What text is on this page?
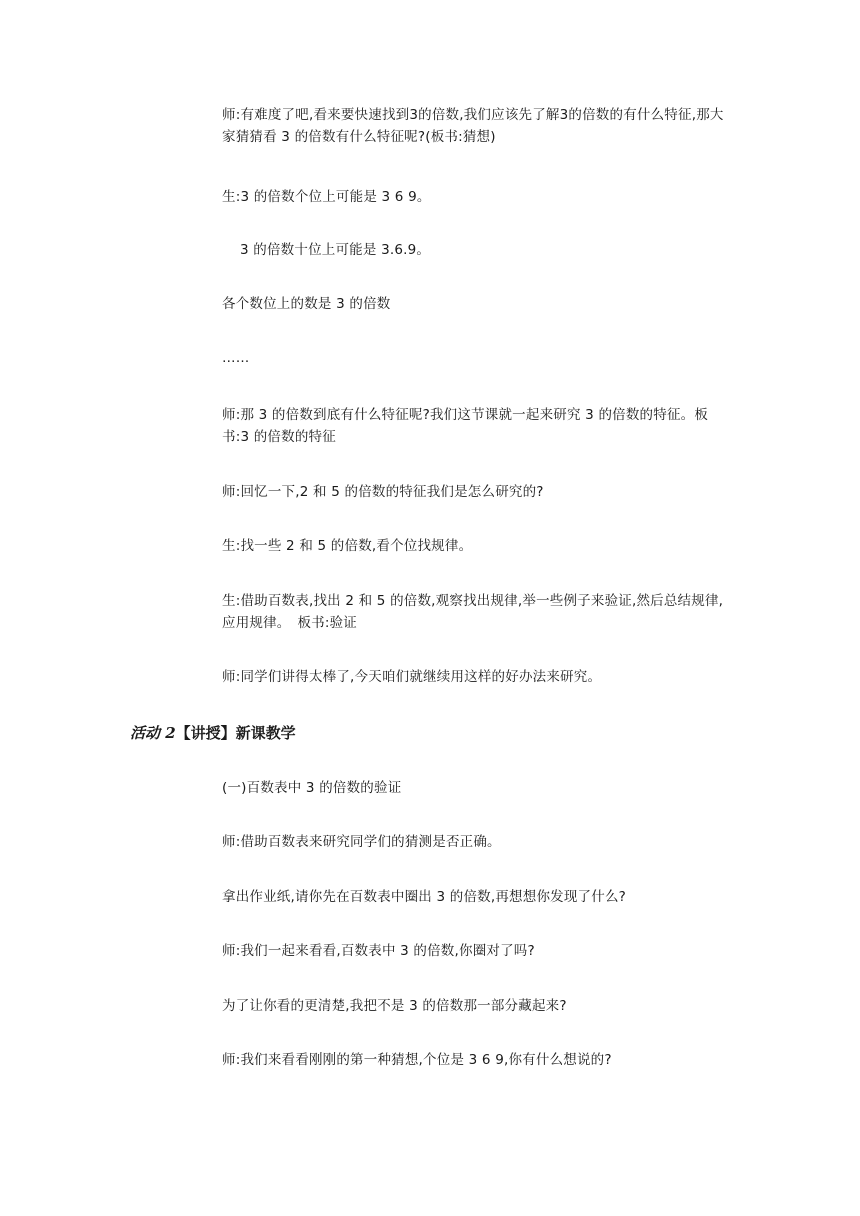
师:有难度了吧,看来要快速找到3的倍数,我们应该先了解3的倍数的有什么特征,那大家猜猜看 3 的倍数有什么特征呢?(板书:猜想)

生:3 的倍数个位上可能是 3 6 9。

3 的倍数十位上可能是 3.6.9。

各个数位上的数是 3 的倍数

……

师:那 3 的倍数到底有什么特征呢?我们这节课就一起来研究 3 的倍数的特征。板书:3 的倍数的特征

师:回忆一下,2 和 5 的倍数的特征我们是怎么研究的?

生:找一些 2 和 5 的倍数,看个位找规律。

生:借助百数表,找出 2 和 5 的倍数,观察找出规律,举一些例子来验证,然后总结规律,应用规律。　板书:验证

师:同学们讲得太棒了,今天咱们就继续用这样的好办法来研究。

活动 2【讲授】新课教学

(一)百数表中 3 的倍数的验证

师:借助百数表来研究同学们的猜测是否正确。

拿出作业纸,请你先在百数表中圈出 3 的倍数,再想想你发现了什么?

师:我们一起来看看,百数表中 3 的倍数,你圈对了吗?

为了让你看的更清楚,我把不是 3 的倍数那一部分藏起来?

师:我们来看看刚刚的第一种猜想,个位是 3 6 9,你有什么想说的?
